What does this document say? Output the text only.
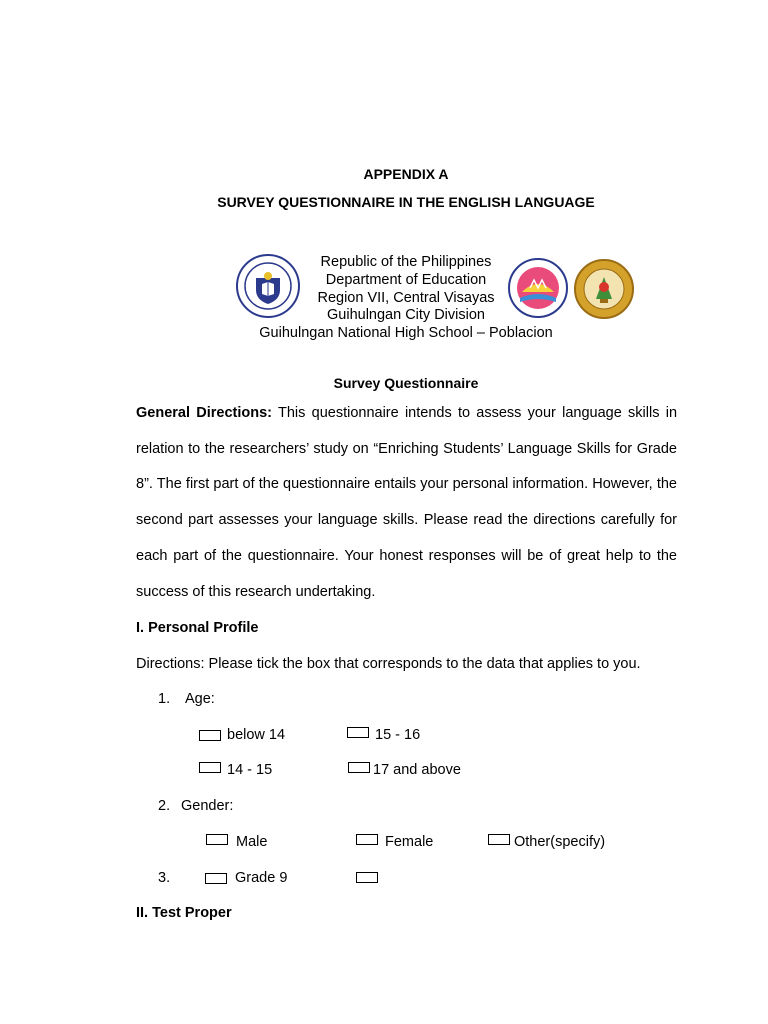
APPENDIX A
SURVEY QUESTIONNAIRE IN THE ENGLISH LANGUAGE
Republic of the Philippines
Department of Education
Region VII, Central Visayas
Guihulngan City Division
Guihulngan National High School – Poblacion
Survey Questionnaire
General Directions: This questionnaire intends to assess your language skills in relation to the researchers’ study on “Enriching Students’ Language Skills for Grade 8”. The first part of the questionnaire entails your personal information. However, the second part assesses your language skills. Please read the directions carefully for each part of the questionnaire. Your honest responses will be of great help to the success of this research undertaking.
I. Personal Profile
Directions: Please tick the box that corresponds to the data that applies to you.
1. Age:
below 14	15 - 16
14 - 15	17 and above
2. Gender:
Male	Female	Other(specify)
3.	Grade 9
II. Test Proper
